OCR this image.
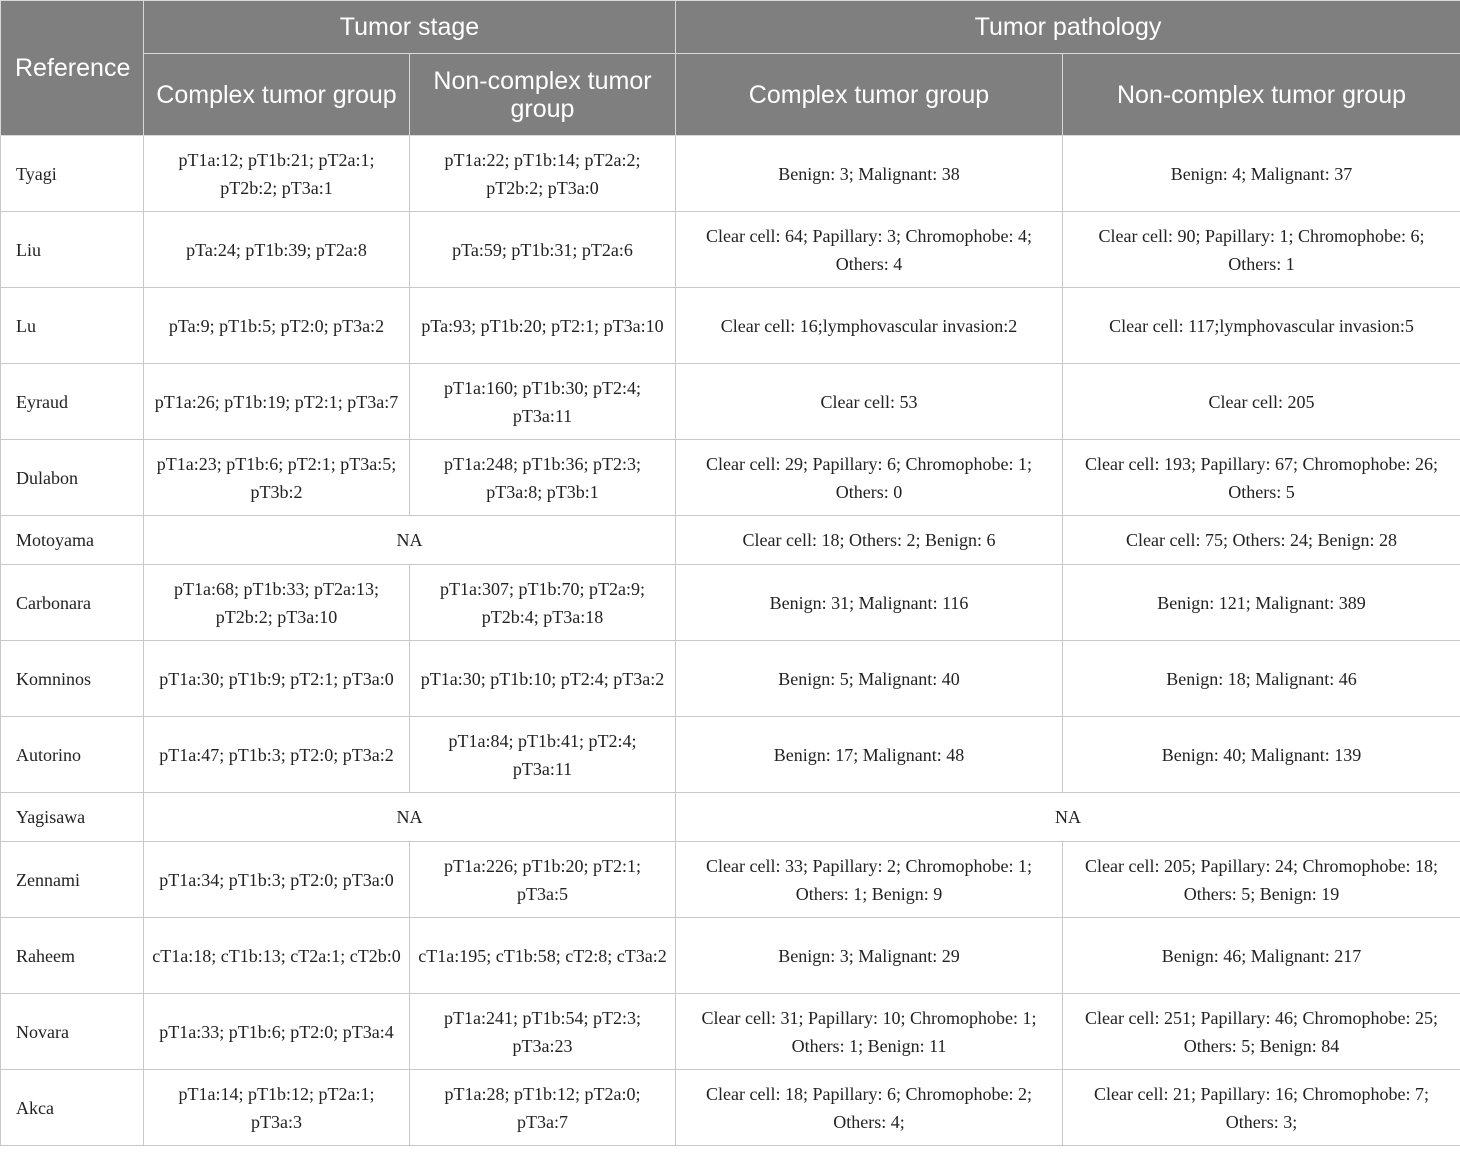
Reference	Tumor stage		Tumor pathology	
	Complex tumor group	Non-complex tumor group	Complex tumor group	Non-complex tumor group
Tyagi	pT1a:12; pT1b:21; pT2a:1; pT2b:2; pT3a:1	pT1a:22; pT1b:14; pT2a:2; pT2b:2; pT3a:0	Benign: 3; Malignant: 38	Benign: 4; Malignant: 37
Liu	pTa:24; pT1b:39; pT2a:8	pTa:59; pT1b:31; pT2a:6	Clear cell: 64; Papillary: 3; Chromophobe: 4; Others: 4	Clear cell: 90; Papillary: 1; Chromophobe: 6; Others: 1
Lu	pTa:9; pT1b:5; pT2:0; pT3a:2	pTa:93; pT1b:20; pT2:1; pT3a:10	Clear cell: 16;lymphovascular invasion:2	Clear cell: 117;lymphovascular invasion:5
Eyraud	pT1a:26; pT1b:19; pT2:1; pT3a:7	pT1a:160; pT1b:30; pT2:4; pT3a:11	Clear cell: 53	Clear cell: 205
Dulabon	pT1a:23; pT1b:6; pT2:1; pT3a:5; pT3b:2	pT1a:248; pT1b:36; pT2:3; pT3a:8; pT3b:1	Clear cell: 29; Papillary: 6; Chromophobe: 1; Others: 0	Clear cell: 193; Papillary: 67; Chromophobe: 26; Others: 5
Motoyama	NA		Clear cell: 18; Others: 2; Benign: 6	Clear cell: 75; Others: 24; Benign: 28
Carbonara	pT1a:68; pT1b:33; pT2a:13; pT2b:2; pT3a:10	pT1a:307; pT1b:70; pT2a:9; pT2b:4; pT3a:18	Benign: 31; Malignant: 116	Benign: 121; Malignant: 389
Komninos	pT1a:30; pT1b:9; pT2:1; pT3a:0	pT1a:30; pT1b:10; pT2:4; pT3a:2	Benign: 5; Malignant: 40	Benign: 18; Malignant: 46
Autorino	pT1a:47; pT1b:3; pT2:0; pT3a:2	pT1a:84; pT1b:41; pT2:4; pT3a:11	Benign: 17; Malignant: 48	Benign: 40; Malignant: 139
Yagisawa	NA		NA	
Zennami	pT1a:34; pT1b:3; pT2:0; pT3a:0	pT1a:226; pT1b:20; pT2:1; pT3a:5	Clear cell: 33; Papillary: 2; Chromophobe: 1; Others: 1; Benign: 9	Clear cell: 205; Papillary: 24; Chromophobe: 18; Others: 5; Benign: 19
Raheem	cT1a:18; cT1b:13; cT2a:1; cT2b:0	cT1a:195; cT1b:58; cT2:8; cT3a:2	Benign: 3; Malignant: 29	Benign: 46; Malignant: 217
Novara	pT1a:33; pT1b:6; pT2:0; pT3a:4	pT1a:241; pT1b:54; pT2:3; pT3a:23	Clear cell: 31; Papillary: 10; Chromophobe: 1; Others: 1; Benign: 11	Clear cell: 251; Papillary: 46; Chromophobe: 25; Others: 5; Benign: 84
Akca	pT1a:14; pT1b:12; pT2a:1; pT3a:3	pT1a:28; pT1b:12; pT2a:0; pT3a:7	Clear cell: 18; Papillary: 6; Chromophobe: 2; Others: 4;	Clear cell: 21; Papillary: 16; Chromophobe: 7; Others: 3;
